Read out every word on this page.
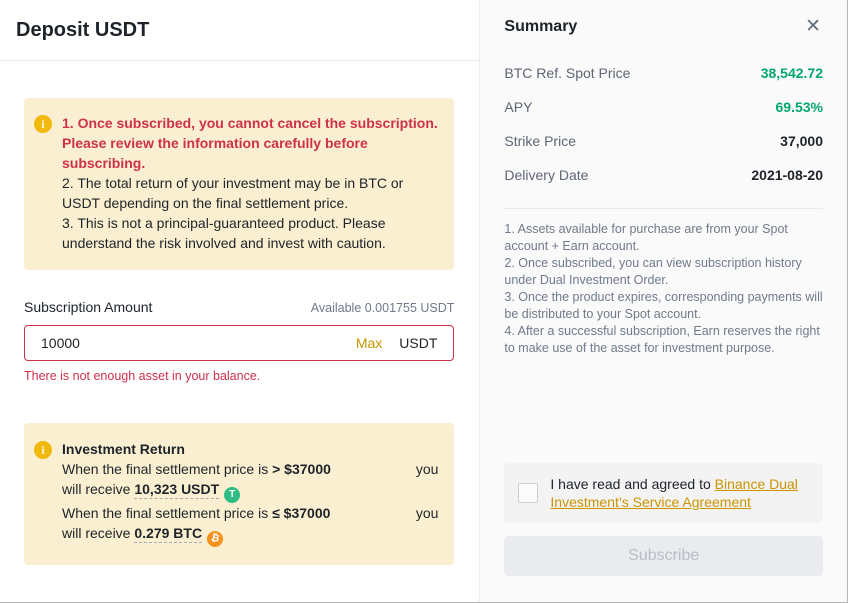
Deposit USDT
i	1. Once subscribed, you cannot cancel the subscription. Please review the information carefully before subscribing.

2. The total return of your investment may be in BTC or USDT depending on the final settlement price.

3. This is not a principal-guaranteed product. Please understand the risk involved and invest with caution.

Subscription Amount	Available 0.001755 USDT
10000
Max USDT
There is not enough asset in your balance.
i	Investment Return
When the final settlement price is > $37000	you
will receive 10,323 USDT T
When the final settlement price is ≤ $37000	you
will receive 0.279 BTC ₿
Summary	✕
BTC Ref. Spot Price	38,542.72
APY	69.53%
Strike Price	37,000
Delivery Date	2021-08-20
1. Assets available for purchase are from your Spot account + Earn account.
2. Once subscribed, you can view subscription history under Dual Investment Order.
3. Once the product expires, corresponding payments will be distributed to your Spot account.
4. After a successful subscription, Earn reserves the right to make use of the asset for investment purpose.
I have read and agreed to Binance Dual Investment’s Service Agreement
Subscribe
